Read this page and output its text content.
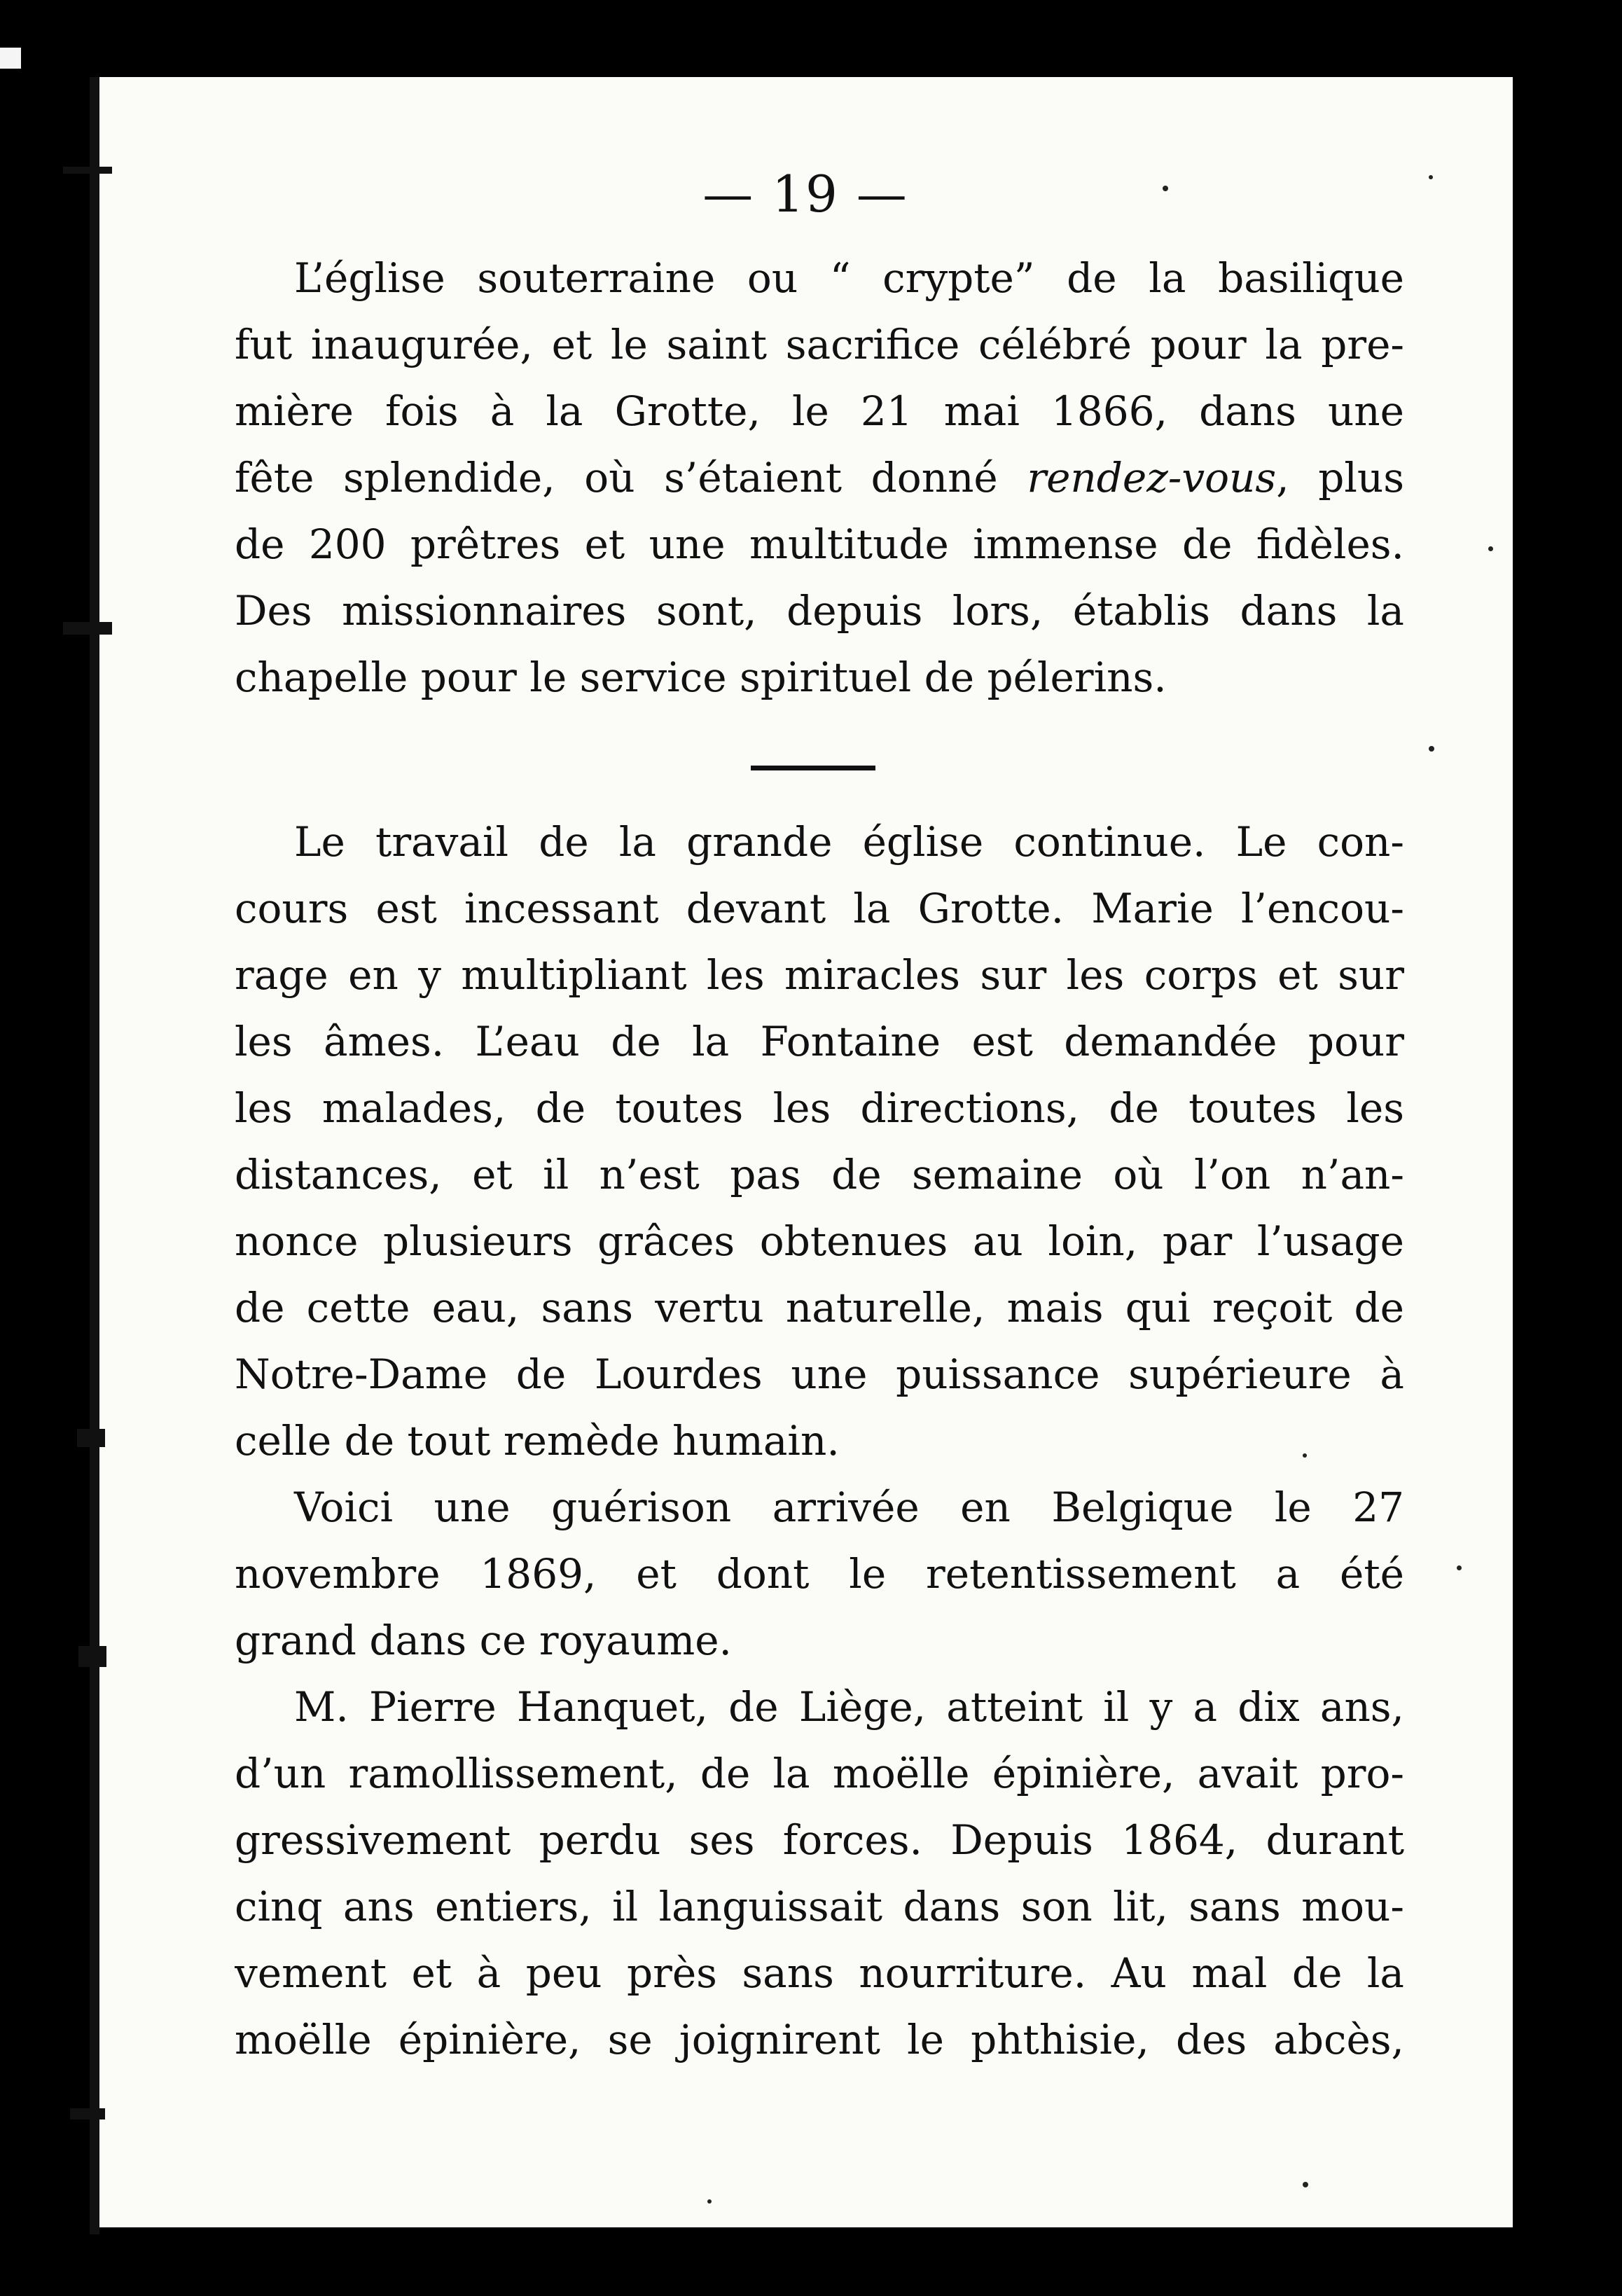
— 19 —
L’église souterraine ou “ crypte” de la basilique
fut inaugurée, et le saint sacrifice célébré pour la pre-
mière fois à la Grotte, le 21 mai 1866, dans une
fête splendide, où s’étaient donné rendez-vous, plus
de 200 prêtres et une multitude immense de fidèles.
Des missionnaires sont, depuis lors, établis dans la
chapelle pour le service spirituel de pélerins.
Le travail de la grande église continue. Le con-
cours est incessant devant la Grotte. Marie l’encou-
rage en y multipliant les miracles sur les corps et sur
les âmes. L’eau de la Fontaine est demandée pour
les malades, de toutes les directions, de toutes les
distances, et il n’est pas de semaine où l’on n’an-
nonce plusieurs grâces obtenues au loin, par l’usage
de cette eau, sans vertu naturelle, mais qui reçoit de
Notre-Dame de Lourdes une puissance supérieure à
celle de tout remède humain.
Voici une guérison arrivée en Belgique le 27
novembre 1869, et dont le retentissement a été
grand dans ce royaume.
M. Pierre Hanquet, de Liège, atteint il y a dix ans,
d’un ramollissement, de la moëlle épinière, avait pro-
gressivement perdu ses forces. Depuis 1864, durant
cinq ans entiers, il languissait dans son lit, sans mou-
vement et à peu près sans nourriture. Au mal de la
moëlle épinière, se joignirent le phthisie, des abcès,
